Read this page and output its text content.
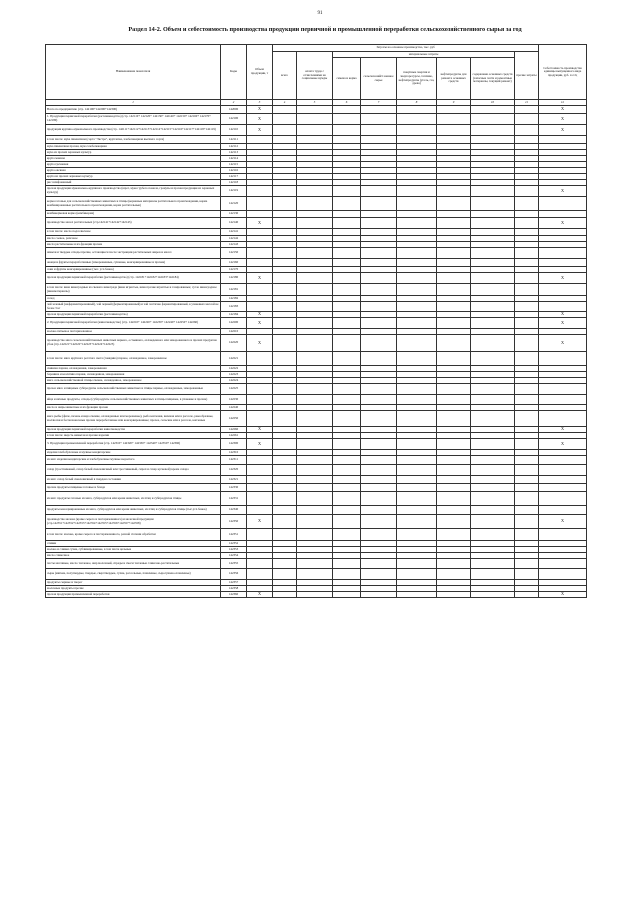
91
Раздел 14-2. Объем и себестоимость производства продукции первичной и промышленной переработки сельскохозяйственного сырья за год
Наименование показателя	Коды	Объем продукции, т	Затраты на основное производство, тыс. руб								Себестоимость производства единицы выпущенного вида продукции, руб. за т/ц
			всего	оплата труда с отчислениями на социальные нужды	материальные затраты					прочие затраты	
					семена и корма	сельскохозяйст-венное сырье	покупные энергия и энергоресурсы, топливо, нефтепродукты (уголь, газ, дрова)	нефтепродукты для ремонта основных средств	содержание основных средств (запасные части и ремонтные материалы, текущий ремонт)		
1	2	3	4	5	6	7	8	9	10	11	12
Всего по предприятию (стр. 142100+142200+142300)	142000	X									X
1. Продукция первичной переработки (растениеводство) (стр. 142110+ 142120+ 142130+ 142140+ 142150+ 142160+ 142170+ 142180)	142100	X									X
продукция крупяно-мукомольного производства (стр. 142111+142112+142113+142114+142115+142116+142117+142118+142119)	142110	X									X
в том числе: мука пшеничная (сорта "Экстра", крупчатка, хлебопекарная высшего сорта)	142111										
мука пшеничная прочая, мука хлебопекарная	142112										
мука из прочих зерновых культур	142113										
крупа манная	142114										
крупа гречневая	142115										
крупа овсяная	142116										
крупа из прочих зерновых культур	142117										
рис шлифованный	142118										
прочая продукция мукомольно-крупяного производства (шрот, мука грубого помола, гранулы и прочая продукция из зерновых культур)	142119										X
корма готовые для сельскохозяйственных животных и птицы (кормовые материалы растительного происхождения, корма комбинированные растительного происхождения, корма растительные)	142120										
комбикормовая корма (комбикорма)	142130										
производство масел растительных (стр.142141+142142+142143)	142140	X									X
в том числе: масло подсолнечное	142141										
масло соевое, рапсовое	142142										
масла растительные и их фракции прочие	142143										
жмыхи и твердые отходы прочие, остающиеся после экстракции растительных жиров и масел	142150										
овощи и фрукты переработанные (замороженные, сушеные, консервированные и прочие)	142160										
соки и фрукты консервированные (тыс. усл.банок)	142170										
прочая продукция первичной переработки (растениеводство) (стр. 142181+142182+142183+142184)	142180	X									X
в том числе: вина виноградные из свежего винограда (вина игристые, вина прочие игристые и газированные; сусло виноградное (виноматериалы)	142181										
солод	142182										
чай зеленый (неферментированный), чай черный (ферментированный) и чай частично ферментированный, в упаковках массой не более 3 кг	142183										
прочая продукция первичной переработки (растениеводство)	142184	X									X
2. Продукция первичной переработки (животноводство) (стр. 142210+ 142220+ 142230+ 142240+ 142250+ 142260)	142200	X									X
молоко питьевое пастеризованное	142210										
производство мяса сельскохозяйственных животных варкого, остывшего, охлажденного или замороженного и прочих продуктов убоя (стр.142221+142222+142223+142224+142225)	142220	X									X
в том числе: мясо крупного рогатого скота (говядина) парное, охлажденное, замороженное	142221										
свинина парная, охлажденная, замороженная	142222										
баранина и козлятина парная, охлажденная, замороженная	142223										
мясо сельскохозяйственной птицы свежее, охлажденное, замороженное	142224										
прочее мясо и пищевые субпродукты сельскохозяйственных животных и птицы парные, охлажденные, замороженные	142225										
яйца и яичные продукты, отходы (субпродукты сельскохозяйственных животных и птицы пищевые, в упаковке и прочие)	142230										
масло и жиры животные и их фракции прочие	142240										
мясо рыбы (филе, печень и икра свежие, охлажденные или мороженые), рыба копченая, вяленая или в рассоле, ракообразные, моллюски и беспозвоночные прочие переработанные или консервированные; прочее, сельские или в рассоле, копченые	142250										
прочая продукция первичной переработки животноводства	142260	X									X
в том числе: шерсть немытая и прочие изделия	142261										
3. Продукция промышленной переработки (стр. 142310+ 142320+ 142330+ 142340+ 142350+ 142360)	142300	X									X
изделия хлебобулочные и мучные кондитерские	142310										
из них: изделия кондитерские и хлебобулочные мучные недолгого	142311										
сахар (тростниковый, сахар белый свекловичный или тростниковый, сироп и сахар кусковой) кроме сахара	142320										
из них: сахар белый свекловичный в твердом состоянии	142321										
прочие продукты пищевые готовые и блюда	142330										
из них: продукты готовые из мяса, субпродуктов или крови животных, из птиц и субпродуктов птицы	142331										
продукты консервированные из мяса, субпродуктов или крови животных, из птиц и субпродуктов птицы (тыс.усл.банок)	142340										
производство молока (кроме сырого и пастеризованного) и молочной продукции (стр.142351+142352+142353+142354+142355+142356+142357+142358)	142350	X									X
в том числе: молоко, кроме сырого и пастеризованного, разной степени обработки	142351										
сливки	142352										
молоко и сливки сухие, сублимированные, в том числе цельные	142353										
масло сливочное	142354										
пасты масляные, масло топленое, жир молочный, спреды и смеси топленые сливочно-растительные	142355										
сыры (мягкие, полутвердые, твердые, сверхтвердые, сухие, рассольные, плавленые, сыросушено-плавленые)	142356										
продукты сырные и творог	142357										
молочные продукты прочие	142358										
прочая продукция промышленной переработки	142360	X									X
